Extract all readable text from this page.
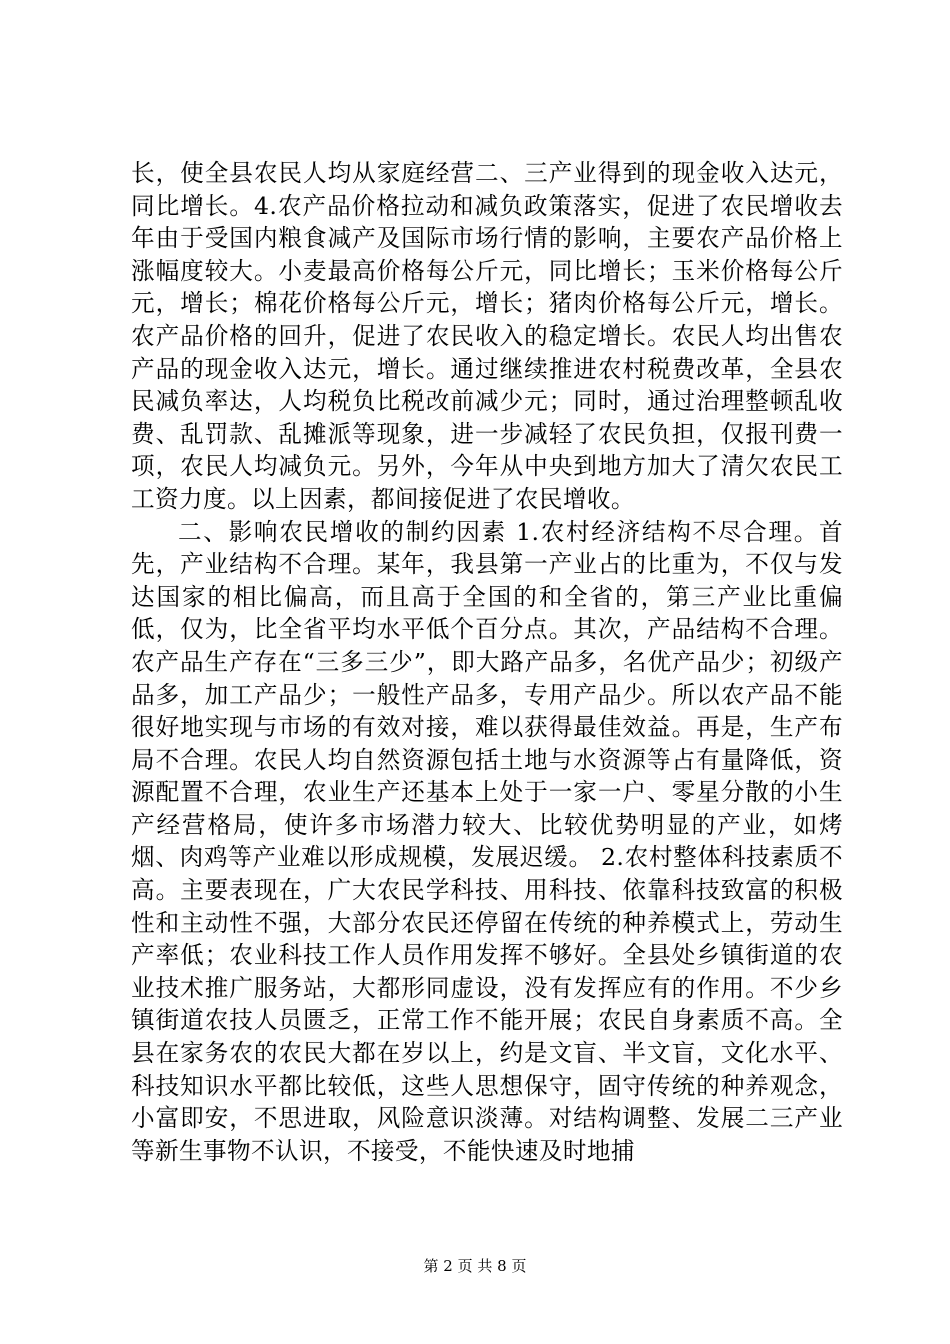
长，使全县农民人均从家庭经营二、三产业得到的现金收入达元，同比增长。4.农产品价格拉动和减负政策落实，促进了农民增收去年由于受国内粮食减产及国际市场行情的影响，主要农产品价格上涨幅度较大。小麦最高价格每公斤元，同比增长；玉米价格每公斤元，增长；棉花价格每公斤元，增长；猪肉价格每公斤元，增长。农产品价格的回升，促进了农民收入的稳定增长。农民人均出售农产品的现金收入达元，增长。通过继续推进农村税费改革，全县农民减负率达，人均税负比税改前减少元；同时，通过治理整顿乱收费、乱罚款、乱摊派等现象，进一步减轻了农民负担，仅报刊费一项，农民人均减负元。另外，今年从中央到地方加大了清欠农民工工资力度。以上因素，都间接促进了农民增收。

二、影响农民增收的制约因素 1.农村经济结构不尽合理。首先，产业结构不合理。某年，我县第一产业占的比重为，不仅与发达国家的相比偏高，而且高于全国的和全省的，第三产业比重偏低，仅为，比全省平均水平低个百分点。其次，产品结构不合理。农产品生产存在“三多三少”，即大路产品多，名优产品少；初级产品多，加工产品少；一般性产品多，专用产品少。所以农产品不能很好地实现与市场的有效对接，难以获得最佳效益。再是，生产布局不合理。农民人均自然资源包括土地与水资源等占有量降低，资源配置不合理，农业生产还基本上处于一家一户、零星分散的小生产经营格局，使许多市场潜力较大、比较优势明显的产业，如烤烟、肉鸡等产业难以形成规模，发展迟缓。 2.农村整体科技素质不高。主要表现在，广大农民学科技、用科技、依靠科技致富的积极性和主动性不强，大部分农民还停留在传统的种养模式上，劳动生产率低；农业科技工作人员作用发挥不够好。全县处乡镇街道的农业技术推广服务站，大都形同虚设，没有发挥应有的作用。不少乡镇街道农技人员匮乏，正常工作不能开展；农民自身素质不高。全县在家务农的农民大都在岁以上，约是文盲、半文盲，文化水平、科技知识水平都比较低，这些人思想保守，固守传统的种养观念，小富即安，不思进取，风险意识淡薄。对结构调整、发展二三产业等新生事物不认识，不接受，不能快速及时地捕

第 2 页 共 8 页
